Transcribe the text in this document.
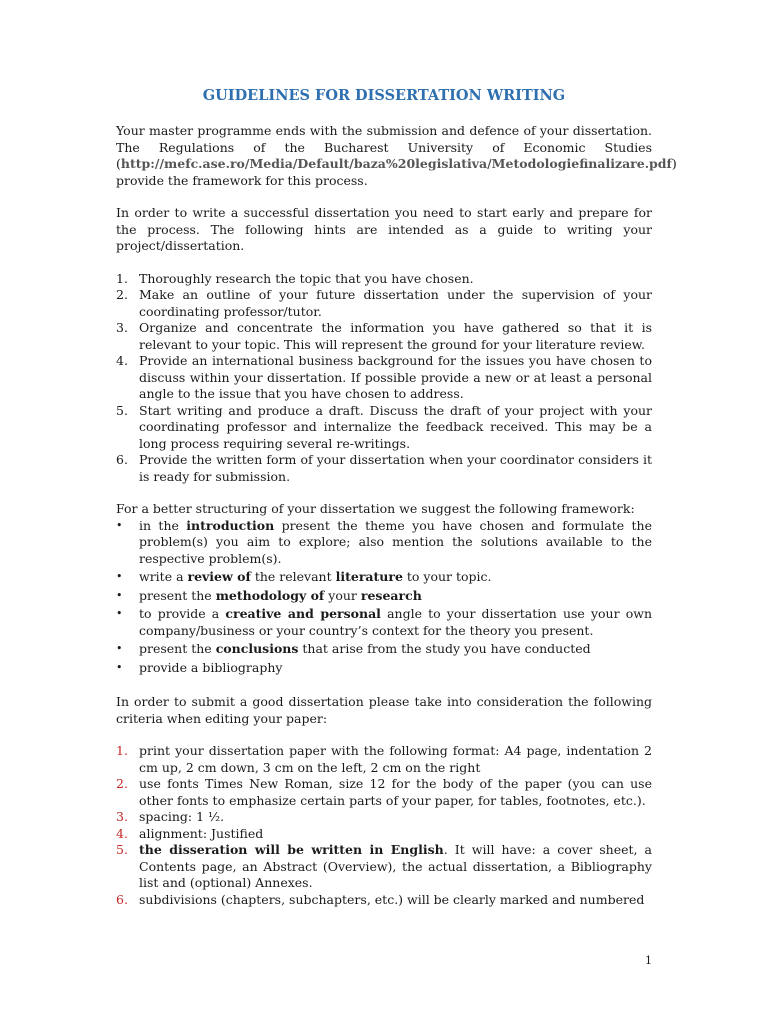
GUIDELINES FOR DISSERTATION WRITING

Your master programme ends with the submission and defence of your dissertation. The Regulations of the Bucharest University of Economic Studies (http://mefc.ase.ro/Media/Default/baza%20legislativa/Metodologiefinalizare.pdf) provide the framework for this process.

In order to write a successful dissertation you need to start early and prepare for the process. The following hints are intended as a guide to writing your project/dissertation.

1. Thoroughly research the topic that you have chosen.
2. Make an outline of your future dissertation under the supervision of your coordinating professor/tutor.
3. Organize and concentrate the information you have gathered so that it is relevant to your topic. This will represent the ground for your literature review.
4. Provide an international business background for the issues you have chosen to discuss within your dissertation. If possible provide a new or at least a personal angle to the issue that you have chosen to address.
5. Start writing and produce a draft. Discuss the draft of your project with your coordinating professor and internalize the feedback received. This may be a long process requiring several re-writings.
6. Provide the written form of your dissertation when your coordinator considers it is ready for submission.

For a better structuring of your dissertation we suggest the following framework:

•	in the introduction present the theme you have chosen and formulate the problem(s) you aim to explore; also mention the solutions available to the respective problem(s).
•	write a review of the relevant literature to your topic.
•	present the methodology of your research
•	to provide a creative and personal angle to your dissertation use your own company/business or your country’s context for the theory you present.
•	present the conclusions that arise from the study you have conducted
•	provide a bibliography

In order to submit a good dissertation please take into consideration the following criteria when editing your paper:

1. print your dissertation paper with the following format: A4 page, indentation 2 cm up, 2 cm down, 3 cm on the left, 2 cm on the right
2. use fonts Times New Roman, size 12 for the body of the paper (you can use other fonts to emphasize certain parts of your paper, for tables, footnotes, etc.).
3. spacing: 1 ½.
4. alignment: Justified
5. the disseration will be written in English. It will have: a cover sheet, a Contents page, an Abstract (Overview), the actual dissertation, a Bibliography list and (optional) Annexes.
6. subdivisions (chapters, subchapters, etc.) will be clearly marked and numbered
1
